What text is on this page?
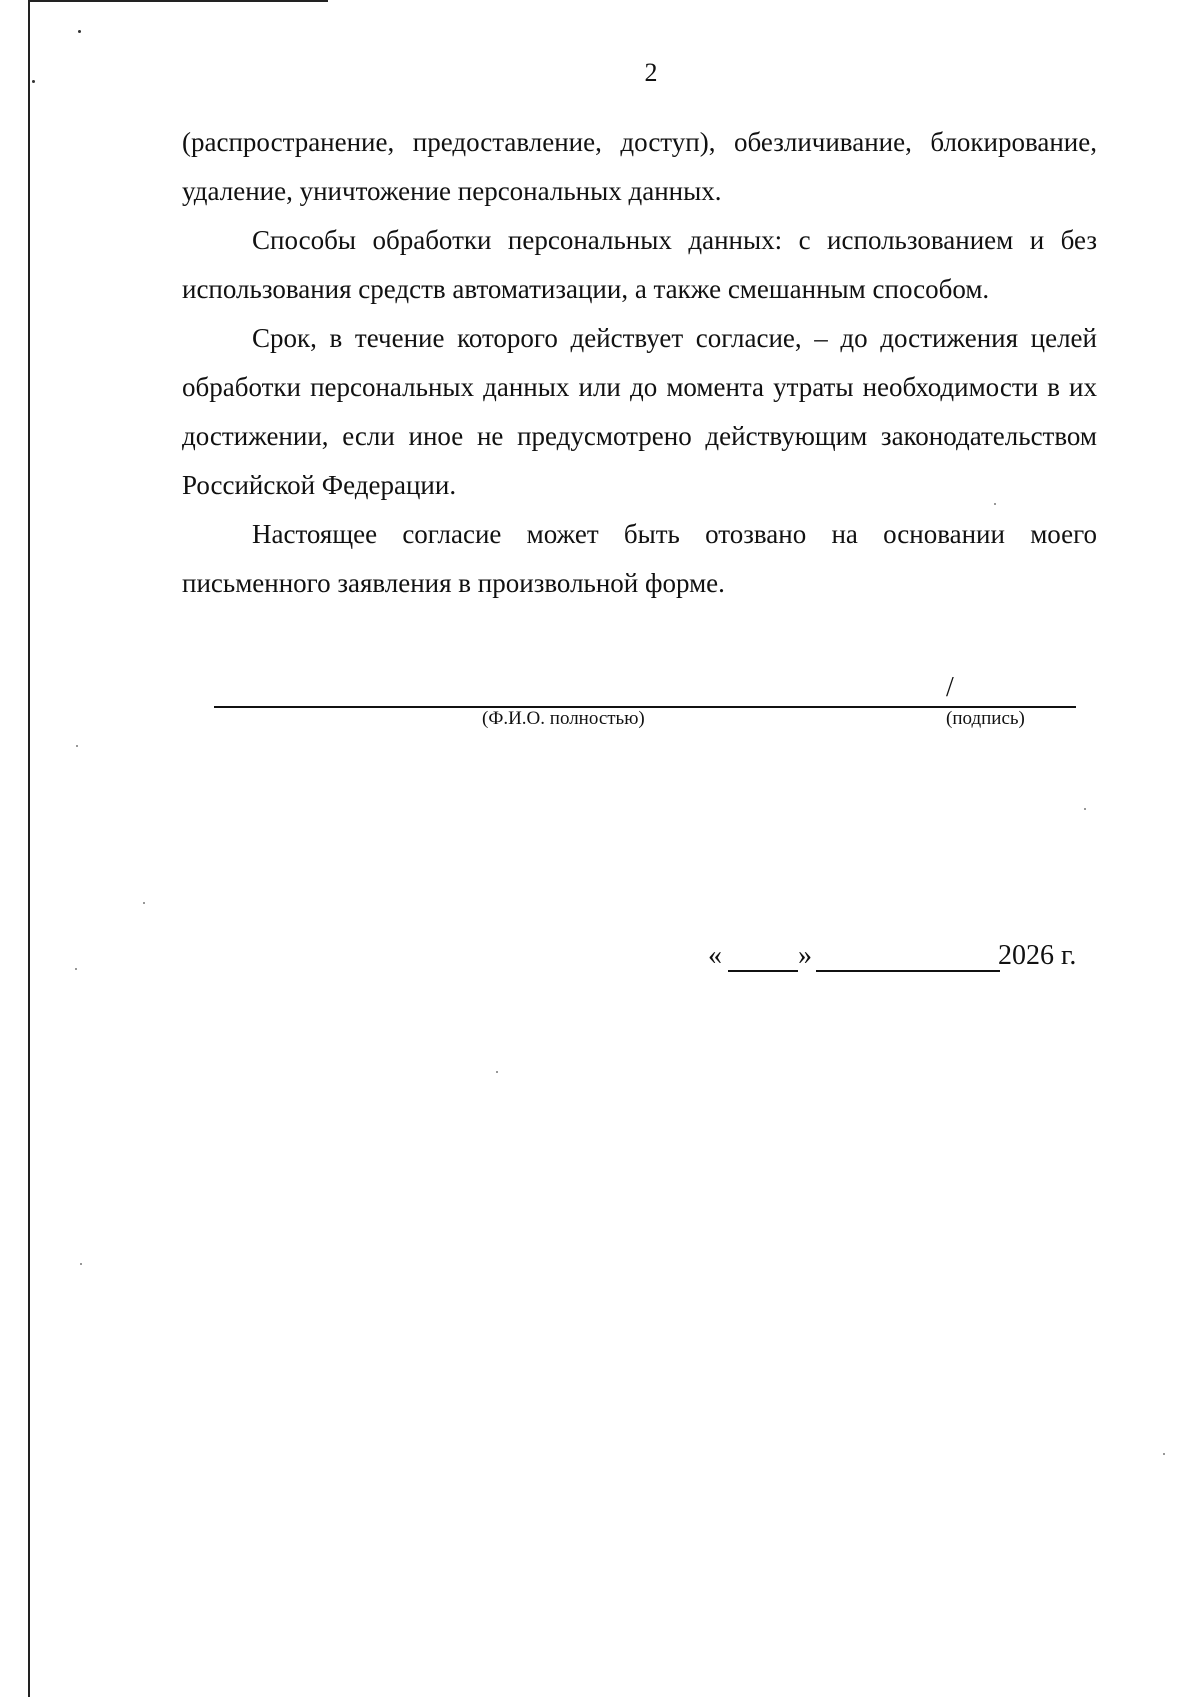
2

(распространение, предоставление, доступ), обезличивание, блокирование, удаление, уничтожение персональных данных.

Способы обработки персональных данных: с использованием и без использования средств автоматизации, а также смешанным способом.

Срок, в течение которого действует согласие, – до достижения целей обработки персональных данных или до момента утраты необходимости в их достижении, если иное не предусмотрено действующим законодательством Российской Федерации.

Настоящее согласие может быть отозвано на основании моего письменного заявления в произвольной форме.

/
(Ф.И.О. полностью)	(подпись)
«	»	2026 г.
